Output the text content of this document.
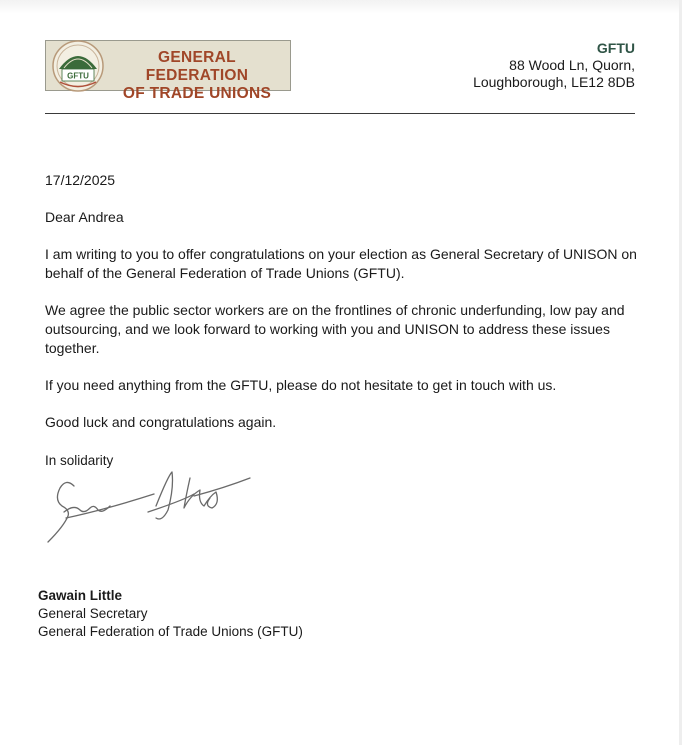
GFTU
GENERAL FEDERATION
OF TRADE UNIONS
GFTU
88 Wood Ln, Quorn,
Loughborough, LE12 8DB
17/12/2025
Dear Andrea
I am writing to you to offer congratulations on your election as General Secretary of UNISON on behalf of the General Federation of Trade Unions (GFTU).
We agree the public sector workers are on the frontlines of chronic underfunding, low pay and outsourcing, and we look forward to working with you and UNISON to address these issues together.
If you need anything from the GFTU, please do not hesitate to get in touch with us.
Good luck and congratulations again.
In solidarity
Gawain Little
General Secretary
General Federation of Trade Unions (GFTU)
